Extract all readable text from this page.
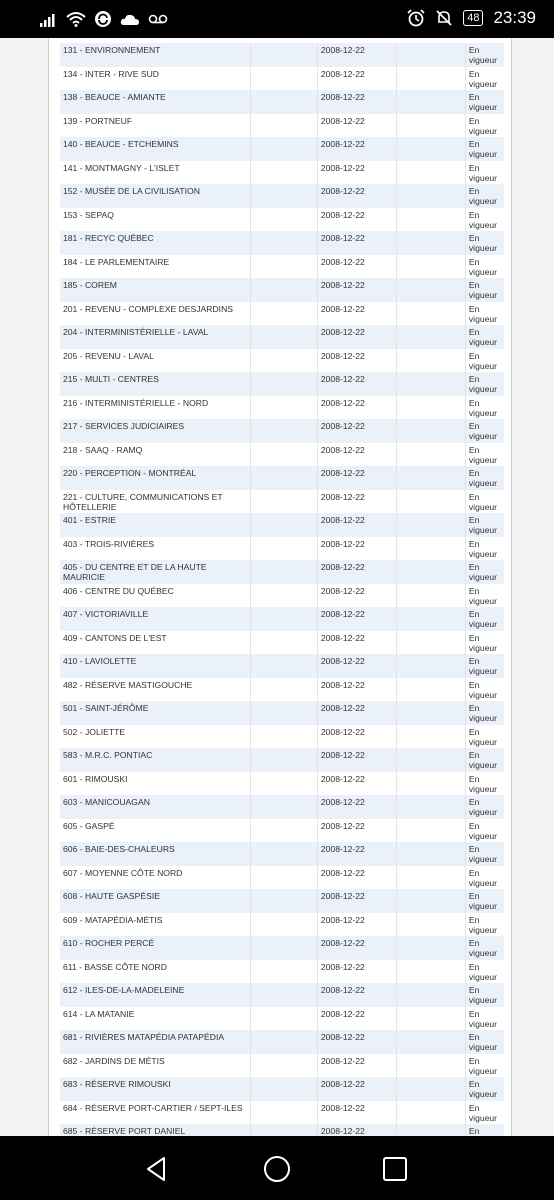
48 23:39
131 - ENVIRONNEMENT		2008-12-22		En vigueur
134 - INTER - RIVE SUD		2008-12-22		En vigueur
138 - BEAUCE - AMIANTE		2008-12-22		En vigueur
139 - PORTNEUF		2008-12-22		En vigueur
140 - BEAUCE - ETCHEMINS		2008-12-22		En vigueur
141 - MONTMAGNY - L'ISLET		2008-12-22		En vigueur
152 - MUSÉE DE LA CIVILISATION		2008-12-22		En vigueur
153 - SEPAQ		2008-12-22		En vigueur
181 - RECYC QUÉBEC		2008-12-22		En vigueur
184 - LE PARLEMENTAIRE		2008-12-22		En vigueur
185 - COREM		2008-12-22		En vigueur
201 - REVENU - COMPLEXE DESJARDINS		2008-12-22		En vigueur
204 - INTERMINISTÉRIELLE - LAVAL		2008-12-22		En vigueur
205 - REVENU - LAVAL		2008-12-22		En vigueur
215 - MULTI - CENTRES		2008-12-22		En vigueur
216 - INTERMINISTÉRIELLE - NORD		2008-12-22		En vigueur
217 - SERVICES JUDICIAIRES		2008-12-22		En vigueur
218 - SAAQ - RAMQ		2008-12-22		En vigueur
220 - PERCEPTION - MONTRÉAL		2008-12-22		En vigueur
221 - CULTURE, COMMUNICATIONS ET HÔTELLERIE		2008-12-22		En vigueur
401 - ESTRIE		2008-12-22		En vigueur
403 - TROIS-RIVIÈRES		2008-12-22		En vigueur
405 - DU CENTRE ET DE LA HAUTE MAURICIE		2008-12-22		En vigueur
406 - CENTRE DU QUÉBEC		2008-12-22		En vigueur
407 - VICTORIAVILLE		2008-12-22		En vigueur
409 - CANTONS DE L'EST		2008-12-22		En vigueur
410 - LAVIOLETTE		2008-12-22		En vigueur
482 - RÉSERVE MASTIGOUCHE		2008-12-22		En vigueur
501 - SAINT-JÉRÔME		2008-12-22		En vigueur
502 - JOLIETTE		2008-12-22		En vigueur
583 - M.R.C. PONTIAC		2008-12-22		En vigueur
601 - RIMOUSKI		2008-12-22		En vigueur
603 - MANICOUAGAN		2008-12-22		En vigueur
605 - GASPÉ		2008-12-22		En vigueur
606 - BAIE-DES-CHALEURS		2008-12-22		En vigueur
607 - MOYENNE CÔTE NORD		2008-12-22		En vigueur
608 - HAUTE GASPÉSIE		2008-12-22		En vigueur
609 - MATAPÉDIA-MÉTIS		2008-12-22		En vigueur
610 - ROCHER PERCÉ		2008-12-22		En vigueur
611 - BASSE CÔTE NORD		2008-12-22		En vigueur
612 - ILES-DE-LA-MADELEINE		2008-12-22		En vigueur
614 - LA MATANIE		2008-12-22		En vigueur
681 - RIVIÈRES MATAPÉDIA PATAPÉDIA		2008-12-22		En vigueur
682 - JARDINS DE MÉTIS		2008-12-22		En vigueur
683 - RÉSERVE RIMOUSKI		2008-12-22		En vigueur
684 - RÉSERVE PORT-CARTIER / SEPT-ILES		2008-12-22		En vigueur
685 - RÉSERVE PORT DANIEL		2008-12-22		En
